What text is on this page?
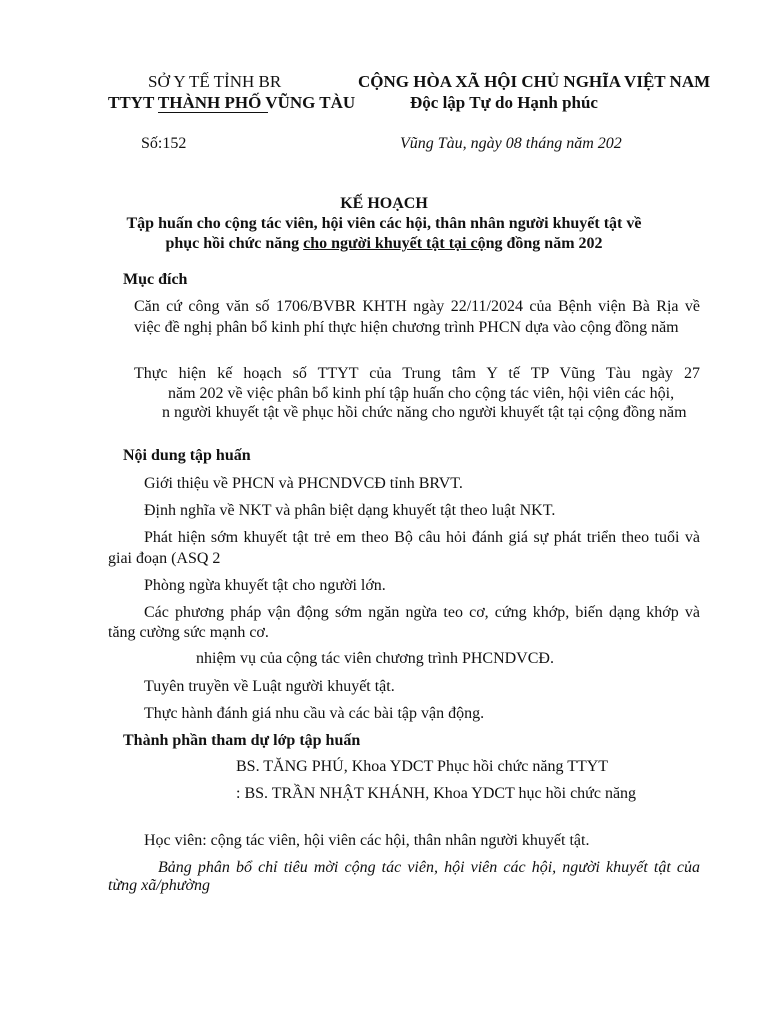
SỞ Y TẾ TỈNH BR
TTYT THÀNH PHỐ VŨNG TÀU
CỘNG HÒA XÃ HỘI CHỦ NGHĨA VIỆT NAM
Độc lập Tự do Hạnh phúc
Số:152	Vũng Tàu, ngày 08 tháng năm 202
KẾ HOẠCH
Tập huấn cho cộng tác viên, hội viên các hội, thân nhân người khuyết tật về
phục hồi chức năng cho người khuyết tật tại cộng đồng năm 202
Mục đích
Căn cứ công văn số 1706/BVBR KHTH ngày 22/11/2024 của Bệnh viện Bà Rịa về
việc đề nghị phân bổ kinh phí thực hiện chương trình PHCN dựa vào cộng đồng năm
Thực hiện kế hoạch số TTYT của Trung tâm Y tế TP Vũng Tàu ngày 27
năm 202 về việc phân bổ kinh phí tập huấn cho cộng tác viên, hội viên các hội,
n người khuyết tật về phục hồi chức năng cho người khuyết tật tại cộng đồng năm
Nội dung tập huấn
Giới thiệu về PHCN và PHCNDVCĐ tỉnh BRVT.
Định nghĩa về NKT và phân biệt dạng khuyết tật theo luật NKT.
Phát hiện sớm khuyết tật trẻ em theo Bộ câu hỏi đánh giá sự phát triển theo tuổi và
giai đoạn (ASQ 2
Phòng ngừa khuyết tật cho người lớn.
Các phương pháp vận động sớm ngăn ngừa teo cơ, cứng khớp, biến dạng khớp và
tăng cường sức mạnh cơ.
nhiệm vụ của cộng tác viên chương trình PHCNDVCĐ.
Tuyên truyền về Luật người khuyết tật.
Thực hành đánh giá nhu cầu và các bài tập vận động.
Thành phần tham dự lớp tập huấn
BS. TĂNG PHÚ, Khoa YDCT Phục hồi chức năng TTYT
: BS. TRẦN NHẬT KHÁNH, Khoa YDCT hục hồi chức năng
Học viên: cộng tác viên, hội viên các hội, thân nhân người khuyết tật.
Bảng phân bổ chỉ tiêu mời cộng tác viên, hội viên các hội, người khuyết tật của
từng xã/phường
